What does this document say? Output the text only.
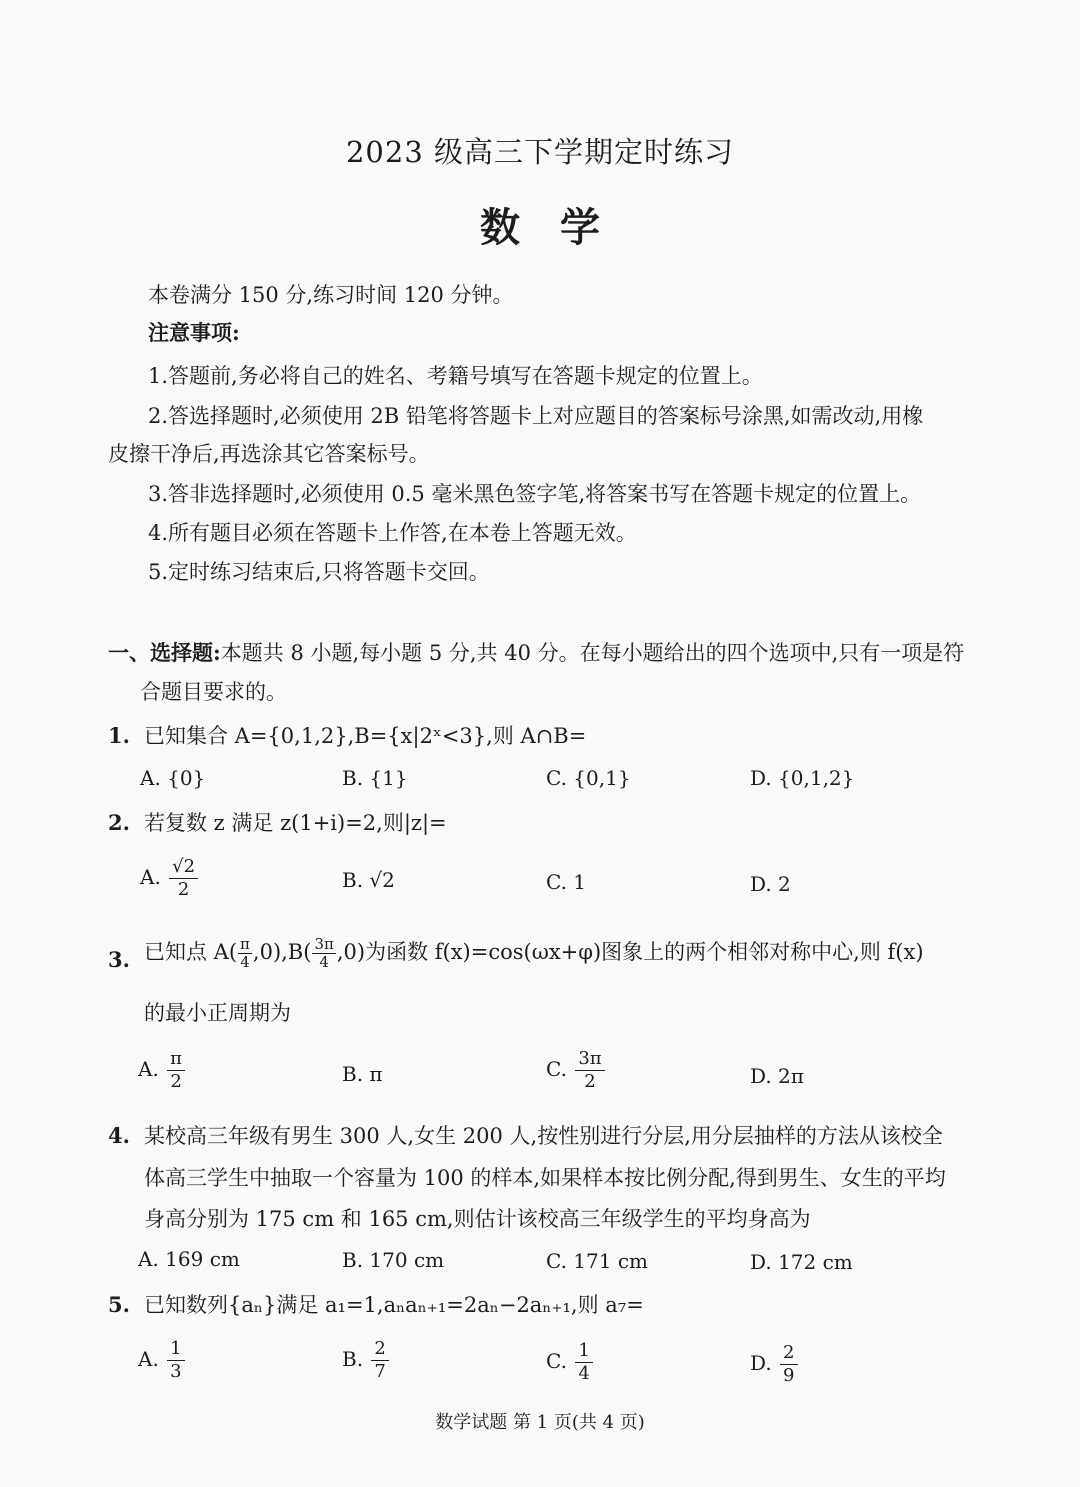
2023 级高三下学期定时练习
数学
本卷满分 150 分,练习时间 120 分钟。
注意事项:
1.答题前,务必将自己的姓名、考籍号填写在答题卡规定的位置上。
2.答选择题时,必须使用 2B 铅笔将答题卡上对应题目的答案标号涂黑,如需改动,用橡
皮擦干净后,再选涂其它答案标号。
3.答非选择题时,必须使用 0.5 毫米黑色签字笔,将答案书写在答题卡规定的位置上。
4.所有题目必须在答题卡上作答,在本卷上答题无效。
5.定时练习结束后,只将答题卡交回。
一、选择题:本题共 8 小题,每小题 5 分,共 40 分。在每小题给出的四个选项中,只有一项是符
合题目要求的。
1. 已知集合 A={0,1,2},B={x|2ˣ<3},则 A∩B=
A. {0}	B. {1}	C. {0,1}	D. {0,1,2}
2. 若复数 z 满足 z(1+i)=2,则|z|=
A. $\frac{√2}{2}$	B. √2	C. 1	D. 2
3. 已知点 $A( \frac{\pi}{4} ,0),B( \frac{3\pi}{4} ,0)$为函数 f(x)=cos(ωx+φ)图象上的两个相邻对称中心,则 f(x)
的最小正周期为
A. $\frac{\pi}{2}$	B. π	C. $\frac{3\pi}{2}$	D. 2π
4. 某校高三年级有男生 300 人,女生 200 人,按性别进行分层,用分层抽样的方法从该校全
体高三学生中抽取一个容量为 100 的样本,如果样本按比例分配,得到男生、女生的平均
身高分别为 175 cm 和 165 cm,则估计该校高三年级学生的平均身高为
A. 169 cm	B. 170 cm	C. 171 cm	D. 172 cm
5. 已知数列{aₙ}满足 a₁=1,aₙaₙ₊₁=2aₙ−2aₙ₊₁,则 a₇=
A. $\frac{1}{3}$	B. $\frac{2}{7}$	C. $\frac{1}{4}$	D. $\frac{2}{9}$
数学试题 第 1 页(共 4 页)
